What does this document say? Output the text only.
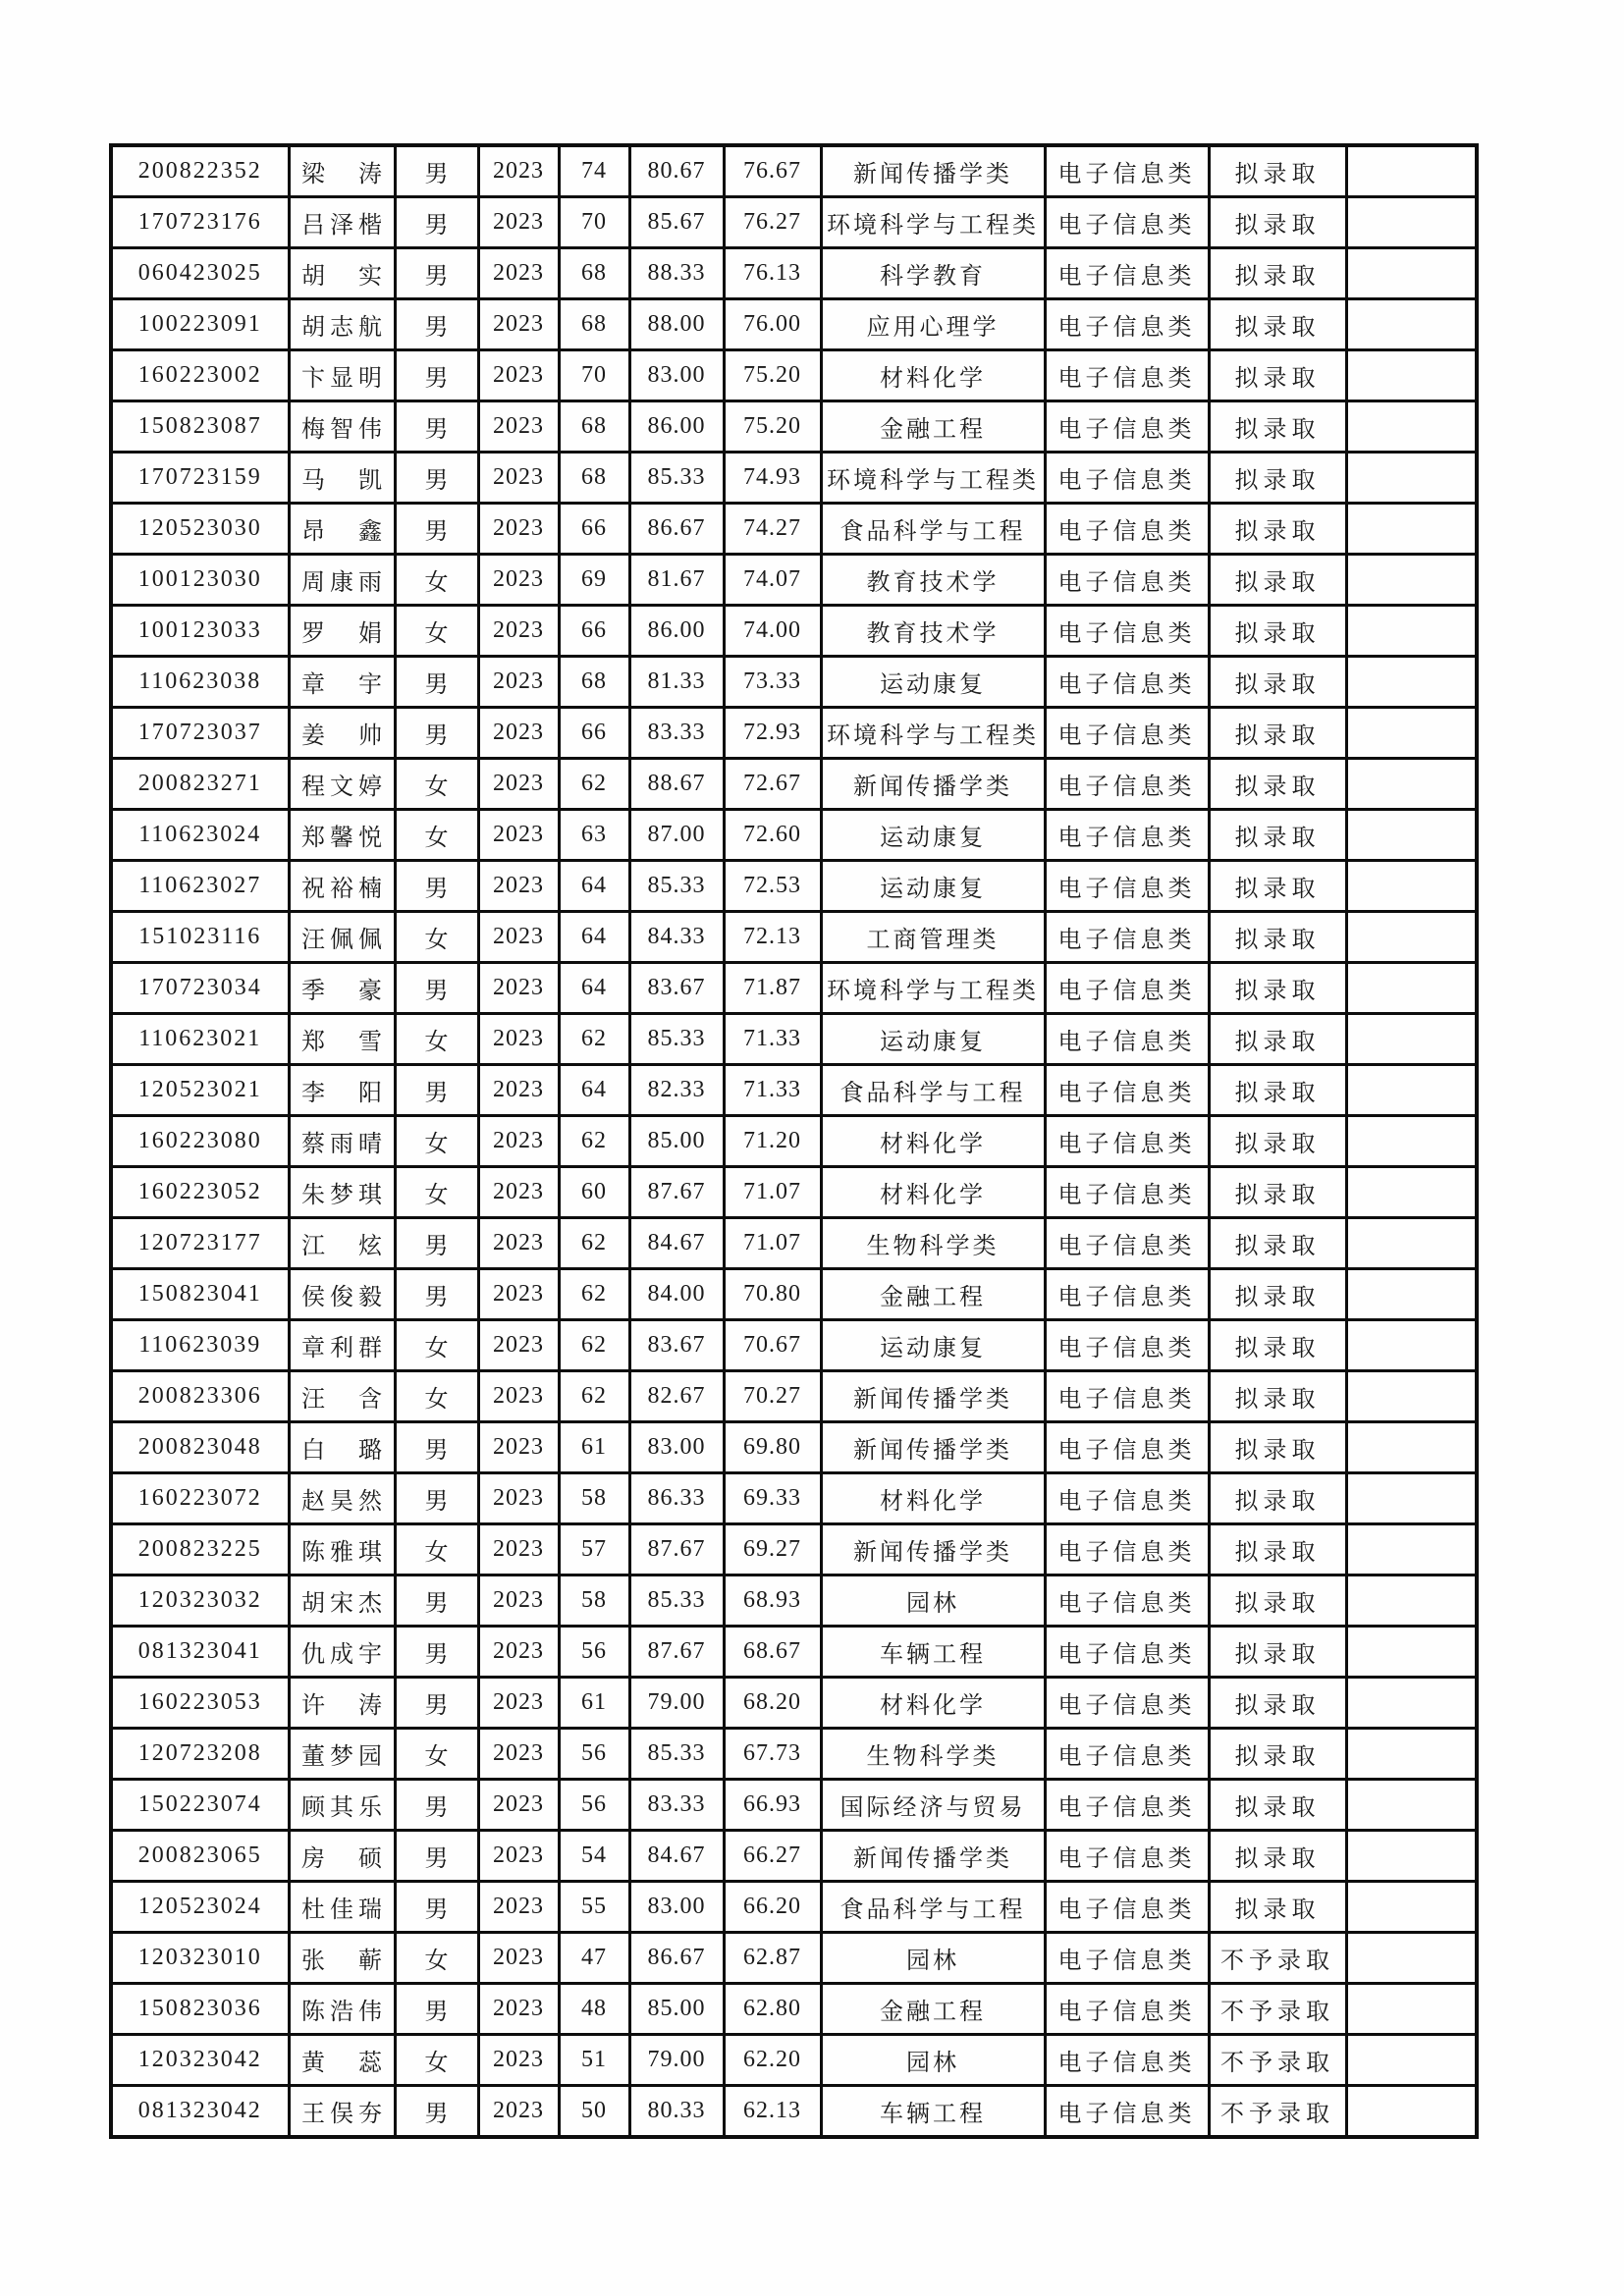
200822352	梁涛	男	2023	74	80.67	76.67	新闻传播学类	电子信息类	拟录取	
170723176	吕泽楷	男	2023	70	85.67	76.27	环境科学与工程类	电子信息类	拟录取	
060423025	胡实	男	2023	68	88.33	76.13	科学教育	电子信息类	拟录取	
100223091	胡志航	男	2023	68	88.00	76.00	应用心理学	电子信息类	拟录取	
160223002	卞显明	男	2023	70	83.00	75.20	材料化学	电子信息类	拟录取	
150823087	梅智伟	男	2023	68	86.00	75.20	金融工程	电子信息类	拟录取	
170723159	马凯	男	2023	68	85.33	74.93	环境科学与工程类	电子信息类	拟录取	
120523030	昂鑫	男	2023	66	86.67	74.27	食品科学与工程	电子信息类	拟录取	
100123030	周康雨	女	2023	69	81.67	74.07	教育技术学	电子信息类	拟录取	
100123033	罗娟	女	2023	66	86.00	74.00	教育技术学	电子信息类	拟录取	
110623038	章宇	男	2023	68	81.33	73.33	运动康复	电子信息类	拟录取	
170723037	姜帅	男	2023	66	83.33	72.93	环境科学与工程类	电子信息类	拟录取	
200823271	程文婷	女	2023	62	88.67	72.67	新闻传播学类	电子信息类	拟录取	
110623024	郑馨悦	女	2023	63	87.00	72.60	运动康复	电子信息类	拟录取	
110623027	祝裕楠	男	2023	64	85.33	72.53	运动康复	电子信息类	拟录取	
151023116	汪佩佩	女	2023	64	84.33	72.13	工商管理类	电子信息类	拟录取	
170723034	季豪	男	2023	64	83.67	71.87	环境科学与工程类	电子信息类	拟录取	
110623021	郑雪	女	2023	62	85.33	71.33	运动康复	电子信息类	拟录取	
120523021	李阳	男	2023	64	82.33	71.33	食品科学与工程	电子信息类	拟录取	
160223080	蔡雨晴	女	2023	62	85.00	71.20	材料化学	电子信息类	拟录取	
160223052	朱梦琪	女	2023	60	87.67	71.07	材料化学	电子信息类	拟录取	
120723177	江炫	男	2023	62	84.67	71.07	生物科学类	电子信息类	拟录取	
150823041	侯俊毅	男	2023	62	84.00	70.80	金融工程	电子信息类	拟录取	
110623039	章利群	女	2023	62	83.67	70.67	运动康复	电子信息类	拟录取	
200823306	汪含	女	2023	62	82.67	70.27	新闻传播学类	电子信息类	拟录取	
200823048	白璐	男	2023	61	83.00	69.80	新闻传播学类	电子信息类	拟录取	
160223072	赵昊然	男	2023	58	86.33	69.33	材料化学	电子信息类	拟录取	
200823225	陈雅琪	女	2023	57	87.67	69.27	新闻传播学类	电子信息类	拟录取	
120323032	胡宋杰	男	2023	58	85.33	68.93	园林	电子信息类	拟录取	
081323041	仇成宇	男	2023	56	87.67	68.67	车辆工程	电子信息类	拟录取	
160223053	许涛	男	2023	61	79.00	68.20	材料化学	电子信息类	拟录取	
120723208	董梦园	女	2023	56	85.33	67.73	生物科学类	电子信息类	拟录取	
150223074	顾其乐	男	2023	56	83.33	66.93	国际经济与贸易	电子信息类	拟录取	
200823065	房硕	男	2023	54	84.67	66.27	新闻传播学类	电子信息类	拟录取	
120523024	杜佳瑞	男	2023	55	83.00	66.20	食品科学与工程	电子信息类	拟录取	
120323010	张蕲	女	2023	47	86.67	62.87	园林	电子信息类	不予录取	
150823036	陈浩伟	男	2023	48	85.00	62.80	金融工程	电子信息类	不予录取	
120323042	黄蕊	女	2023	51	79.00	62.20	园林	电子信息类	不予录取	
081323042	王俣夯	男	2023	50	80.33	62.13	车辆工程	电子信息类	不予录取	
